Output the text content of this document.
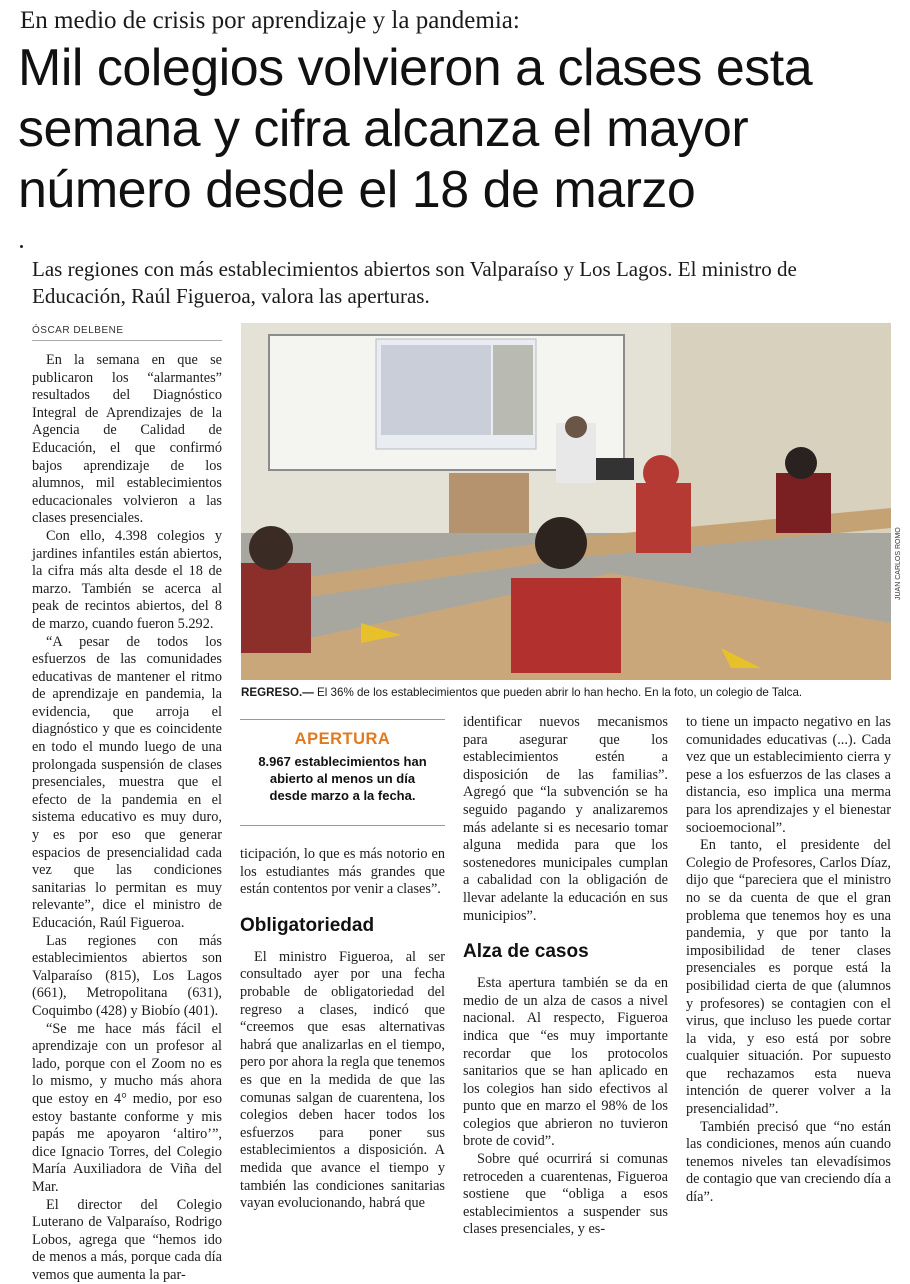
En medio de crisis por aprendizaje y la pandemia:
Mil colegios volvieron a clases esta semana y cifra alcanza el mayor número desde el 18 de marzo
Las regiones con más establecimientos abiertos son Valparaíso y Los Lagos. El ministro de Educación, Raúl Figueroa, valora las aperturas.
ÓSCAR DELBENE

En la semana en que se publicaron los “alarmantes” resultados del Diagnóstico Integral de Aprendizajes de la Agencia de Calidad de Educación, el que confirmó bajos aprendizaje de los alumnos, mil establecimientos educacionales volvieron a las clases presenciales.

Con ello, 4.398 colegios y jardines infantiles están abiertos, la cifra más alta desde el 18 de marzo. También se acerca al peak de recintos abiertos, del 8 de marzo, cuando fueron 5.292.

“A pesar de todos los esfuerzos de las comunidades educativas de mantener el ritmo de aprendizaje en pandemia, la evidencia, que arroja el diagnóstico y que es coincidente en todo el mundo luego de una prolongada suspensión de clases presenciales, muestra que el efecto de la pandemia en el sistema educativo es muy duro, y es por eso que generar espacios de presencialidad cada vez que las condiciones sanitarias lo permitan es muy relevante”, dice el ministro de Educación, Raúl Figueroa.

Las regiones con más establecimientos abiertos son Valparaíso (815), Los Lagos (661), Metropolitana (631), Coquimbo (428) y Biobío (401).

“Se me hace más fácil el aprendizaje con un profesor al lado, porque con el Zoom no es lo mismo, y mucho más ahora que estoy en 4° medio, por eso estoy bastante conforme y mis papás me apoyaron ‘altiro’”, dice Ignacio Torres, del Colegio María Auxiliadora de Viña del Mar.

El director del Colegio Luterano de Valparaíso, Rodrigo Lobos, agrega que “hemos ido de menos a más, porque cada día vemos que aumenta la par-

JUAN CARLOS ROMO
REGRESO.— El 36% de los establecimientos que pueden abrir lo han hecho. En la foto, un colegio de Talca.
APERTURA
8.967 establecimientos han abierto al menos un día desde marzo a la fecha.

ticipación, lo que es más notorio en los estudiantes más grandes que están contentos por venir a clases”.

Obligatoriedad

El ministro Figueroa, al ser consultado ayer por una fecha probable de obligatoriedad del regreso a clases, indicó que “creemos que esas alternativas habrá que analizarlas en el tiempo, pero por ahora la regla que tenemos es que en la medida de que las comunas salgan de cuarentena, los colegios deben hacer todos los esfuerzos para poner sus establecimientos a disposición. A medida que avance el tiempo y también las condiciones sanitarias vayan evolucionando, habrá que

identificar nuevos mecanismos para asegurar que los establecimientos estén a disposición de las familias”. Agregó que “la subvención se ha seguido pagando y analizaremos más adelante si es necesario tomar alguna medida para que los sostenedores municipales cumplan a cabalidad con la obligación de llevar adelante la educación en sus municipios”.

Alza de casos

Esta apertura también se da en medio de un alza de casos a nivel nacional. Al respecto, Figueroa indica que “es muy importante recordar que los protocolos sanitarios que se han aplicado en los colegios han sido efectivos al punto que en marzo el 98% de los colegios que abrieron no tuvieron brote de covid”.

Sobre qué ocurrirá si comunas retroceden a cuarentenas, Figueroa sostiene que “obliga a esos establecimientos a suspender sus clases presenciales, y es-

to tiene un impacto negativo en las comunidades educativas (...). Cada vez que un establecimiento cierra y pese a los esfuerzos de las clases a distancia, eso implica una merma para los aprendizajes y el bienestar socioemocional”.

En tanto, el presidente del Colegio de Profesores, Carlos Díaz, dijo que “pareciera que el ministro no se da cuenta de que el gran problema que tenemos hoy es una pandemia, y que por tanto la imposibilidad de tener clases presenciales es porque está la posibilidad cierta de que (alumnos y profesores) se contagien con el virus, que incluso les puede cortar la vida, y eso está por sobre cualquier situación. Por supuesto que rechazamos esta nueva intención de querer volver a la presencialidad”.

También precisó que “no están las condiciones, menos aún cuando tenemos niveles tan elevadísimos de contagio que van creciendo día a día”.
